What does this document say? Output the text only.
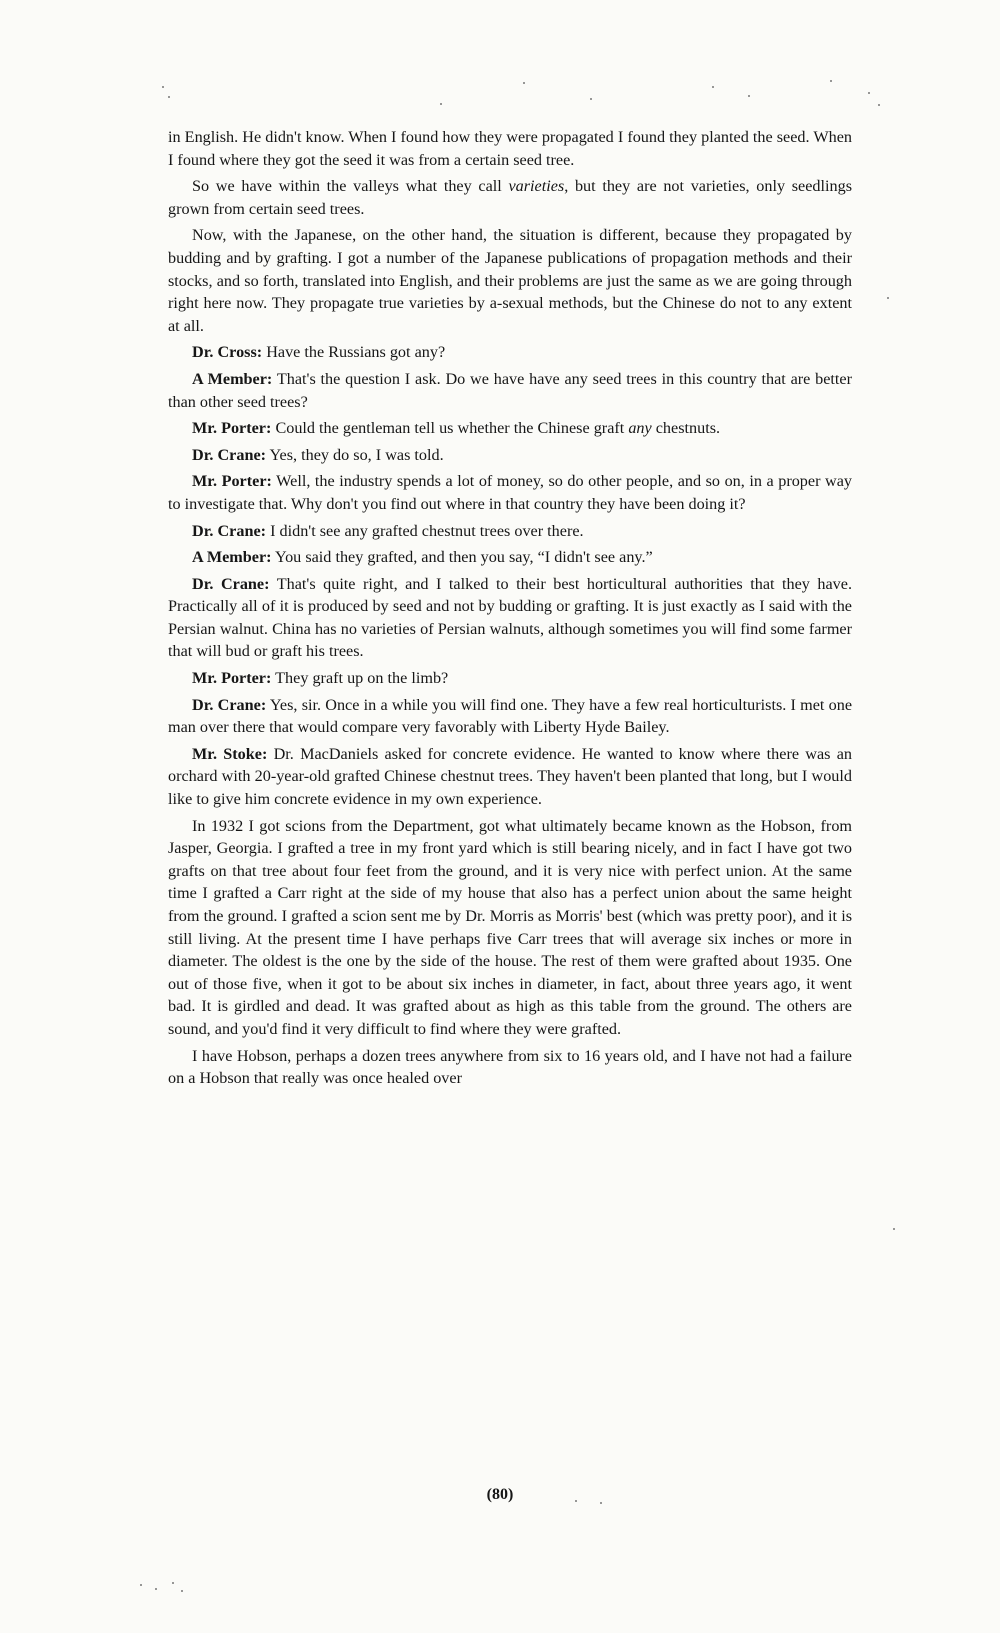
in English. He didn't know. When I found how they were propagated I found they planted the seed. When I found where they got the seed it was from a certain seed tree.

So we have within the valleys what they call varieties, but they are not varieties, only seedlings grown from certain seed trees.

Now, with the Japanese, on the other hand, the situation is different, because they propagated by budding and by grafting. I got a number of the Japanese publications of propagation methods and their stocks, and so forth, translated into English, and their problems are just the same as we are going through right here now. They propagate true varieties by a-sexual methods, but the Chinese do not to any extent at all.

Dr. Cross: Have the Russians got any?

A Member: That's the question I ask. Do we have have any seed trees in this country that are better than other seed trees?

Mr. Porter: Could the gentleman tell us whether the Chinese graft any chestnuts.

Dr. Crane: Yes, they do so, I was told.

Mr. Porter: Well, the industry spends a lot of money, so do other people, and so on, in a proper way to investigate that. Why don't you find out where in that country they have been doing it?

Dr. Crane: I didn't see any grafted chestnut trees over there.

A Member: You said they grafted, and then you say, “I didn't see any.”

Dr. Crane: That's quite right, and I talked to their best horticultural authorities that they have. Practically all of it is produced by seed and not by budding or grafting. It is just exactly as I said with the Persian walnut. China has no varieties of Persian walnuts, although sometimes you will find some farmer that will bud or graft his trees.

Mr. Porter: They graft up on the limb?

Dr. Crane: Yes, sir. Once in a while you will find one. They have a few real horticulturists. I met one man over there that would compare very favorably with Liberty Hyde Bailey.

Mr. Stoke: Dr. MacDaniels asked for concrete evidence. He wanted to know where there was an orchard with 20-year-old grafted Chinese chestnut trees. They haven't been planted that long, but I would like to give him concrete evidence in my own experience.

In 1932 I got scions from the Department, got what ultimately became known as the Hobson, from Jasper, Georgia. I grafted a tree in my front yard which is still bearing nicely, and in fact I have got two grafts on that tree about four feet from the ground, and it is very nice with perfect union. At the same time I grafted a Carr right at the side of my house that also has a perfect union about the same height from the ground. I grafted a scion sent me by Dr. Morris as Morris' best (which was pretty poor), and it is still living. At the present time I have perhaps five Carr trees that will average six inches or more in diameter. The oldest is the one by the side of the house. The rest of them were grafted about 1935. One out of those five, when it got to be about six inches in diameter, in fact, about three years ago, it went bad. It is girdled and dead. It was grafted about as high as this table from the ground. The others are sound, and you'd find it very difficult to find where they were grafted.

I have Hobson, perhaps a dozen trees anywhere from six to 16 years old, and I have not had a failure on a Hobson that really was once healed over

(80)
